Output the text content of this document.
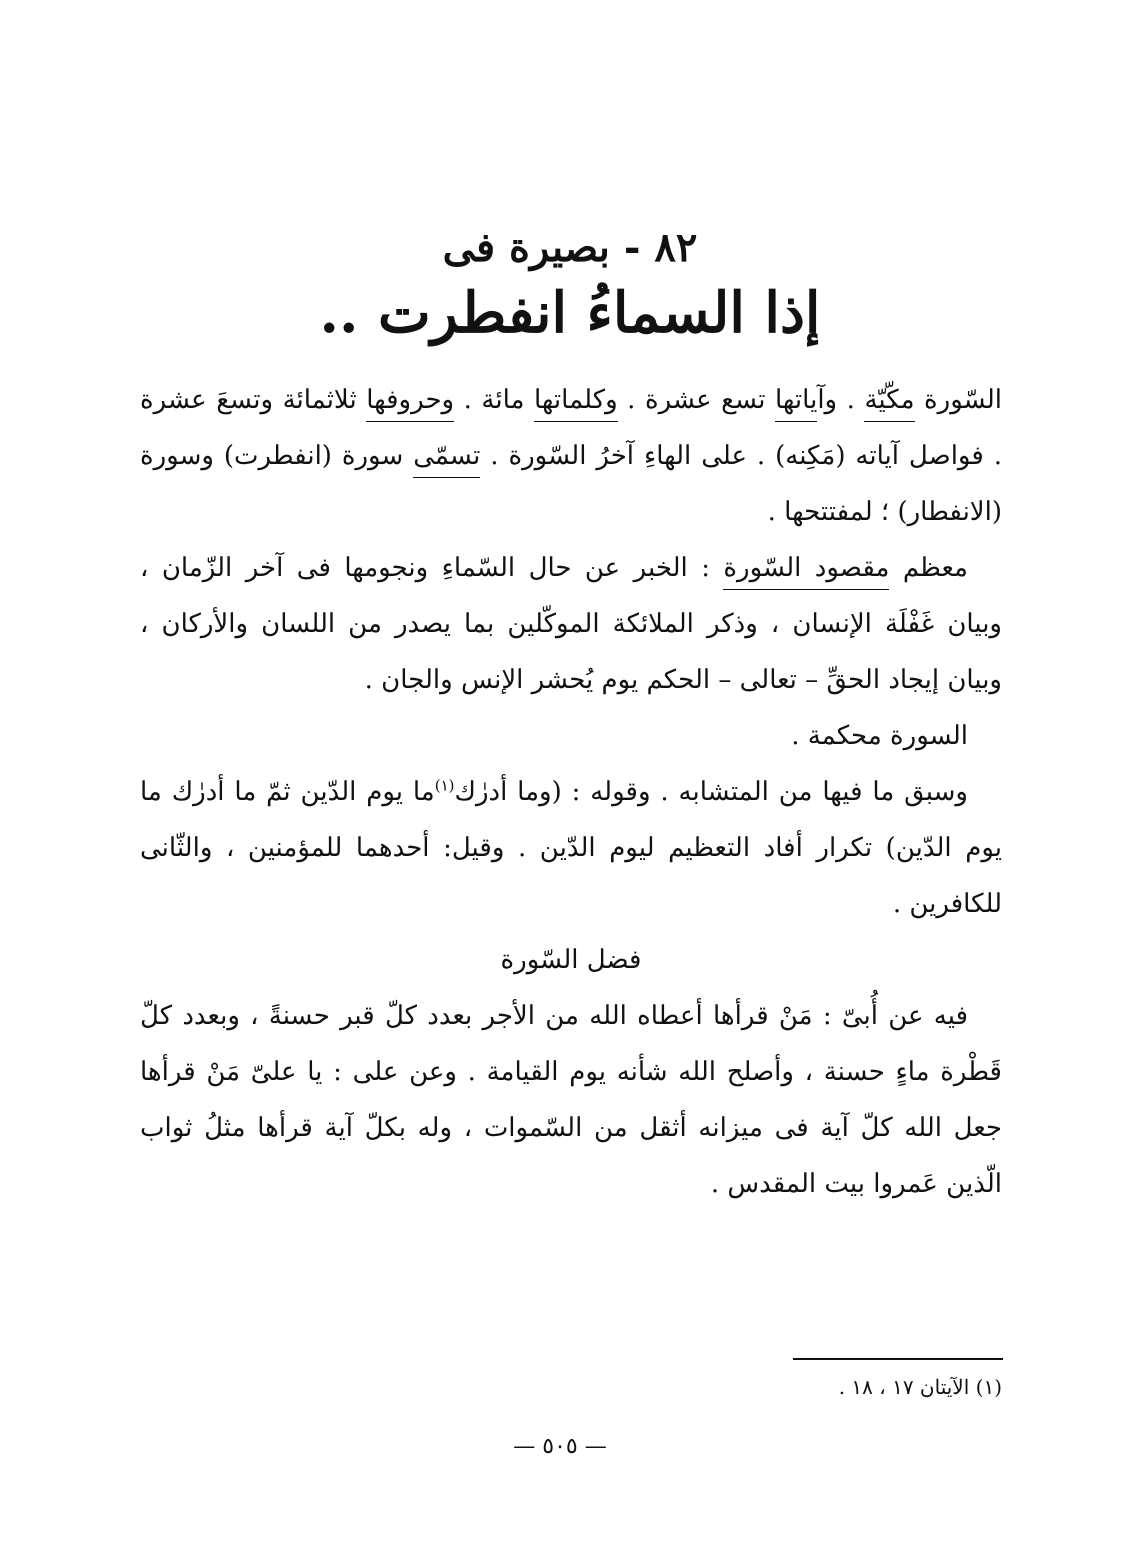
٨٢ - بصيرة فى
إذا السماءُ انفطرت ..

السّورة مكّيّة . وآياتها تسع عشرة . وكلماتها مائة . وحروفها ثلاثمائة وتسعَ عشرة . فواصل آياته (مَكِنه) . على الهاءِ آخرُ السّورة . تسمّى سورة (انفطرت) وسورة (الانفطار) ؛ لمفتتحها .

معظم مقصود السّورة : الخبر عن حال السّماءِ ونجومها فى آخر الزّمان ، وبيان غَفْلَة الإنسان ، وذكر الملائكة الموكّلين بما يصدر من اللسان والأركان ، وبيان إيجاد الحقِّ – تعالى – الحكم يوم يُحشر الإنس والجان .

السورة محكمة .

وسبق ما فيها من المتشابه . وقوله : (وما أدرٰك$^{(١)}$ما يوم الدّين ثمّ ما أدرٰك ما يوم الدّين) تكرار أفاد التعظيم ليوم الدّين . وقيل: أحدهما للمؤمنين ، والثّانى للكافرين .

فضل السّورة

فيه عن أُبىّ : مَنْ قرأها أعطاه الله من الأجر بعدد كلّ قبر حسنةً ، وبعدد كلّ قَطْرة ماءٍ حسنة ، وأصلح الله شأنه يوم القيامة . وعن على : يا علىّ مَنْ قرأها جعل الله كلّ آية فى ميزانه أثقل من السّموات ، وله بكلّ آية قرأها مثلُ ثواب الّذين عَمروا بيت المقدس .

(١) الآيتان ١٧ ، ١٨ .
— ٥٠٥ —
